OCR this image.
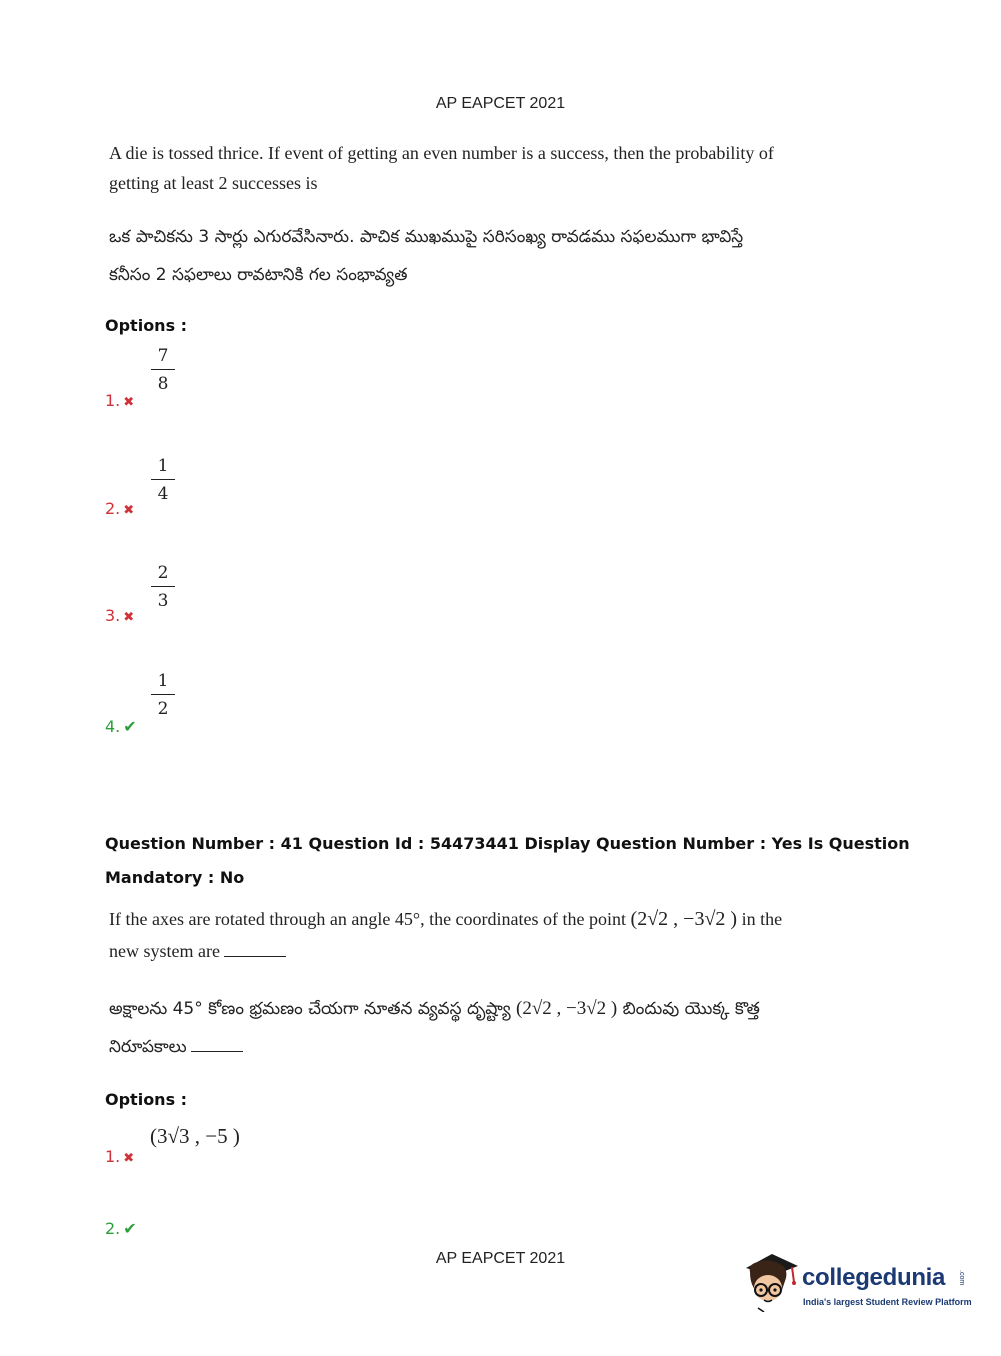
AP EAPCET 2021
A die is tossed thrice. If event of getting an even number is a success, then the probability of
getting at least 2 successes is
ఒక పాచికను 3 సార్లు ఎగురవేసినారు. పాచిక ముఖముపై సరిసంఖ్య రావడము సఫలముగా భావిస్తే
కనీసం 2 సఫలాలు రావటానికి గల సంభావ్యత
Options :
7
8
1. ✖
1
4
2. ✖
2
3
3. ✖
1
2
4. ✔
Question Number : 41 Question Id : 54473441 Display Question Number : Yes Is Question
Mandatory : No
If the axes are rotated through an angle 45°, the coordinates of the point (2√2 , −3√2 ) in the
new system are
అక్షాలను 45° కోణం భ్రమణం చేయగా నూతన వ్యవస్థ దృష్ట్యా (2√2 , −3√2 ) బిందువు యొక్క కొత్త
నిరూపకాలు
Options :
(3√3 , −5 )
1. ✖
2. ✔
AP EAPCET 2021
collegedunia .com
India's largest Student Review Platform
